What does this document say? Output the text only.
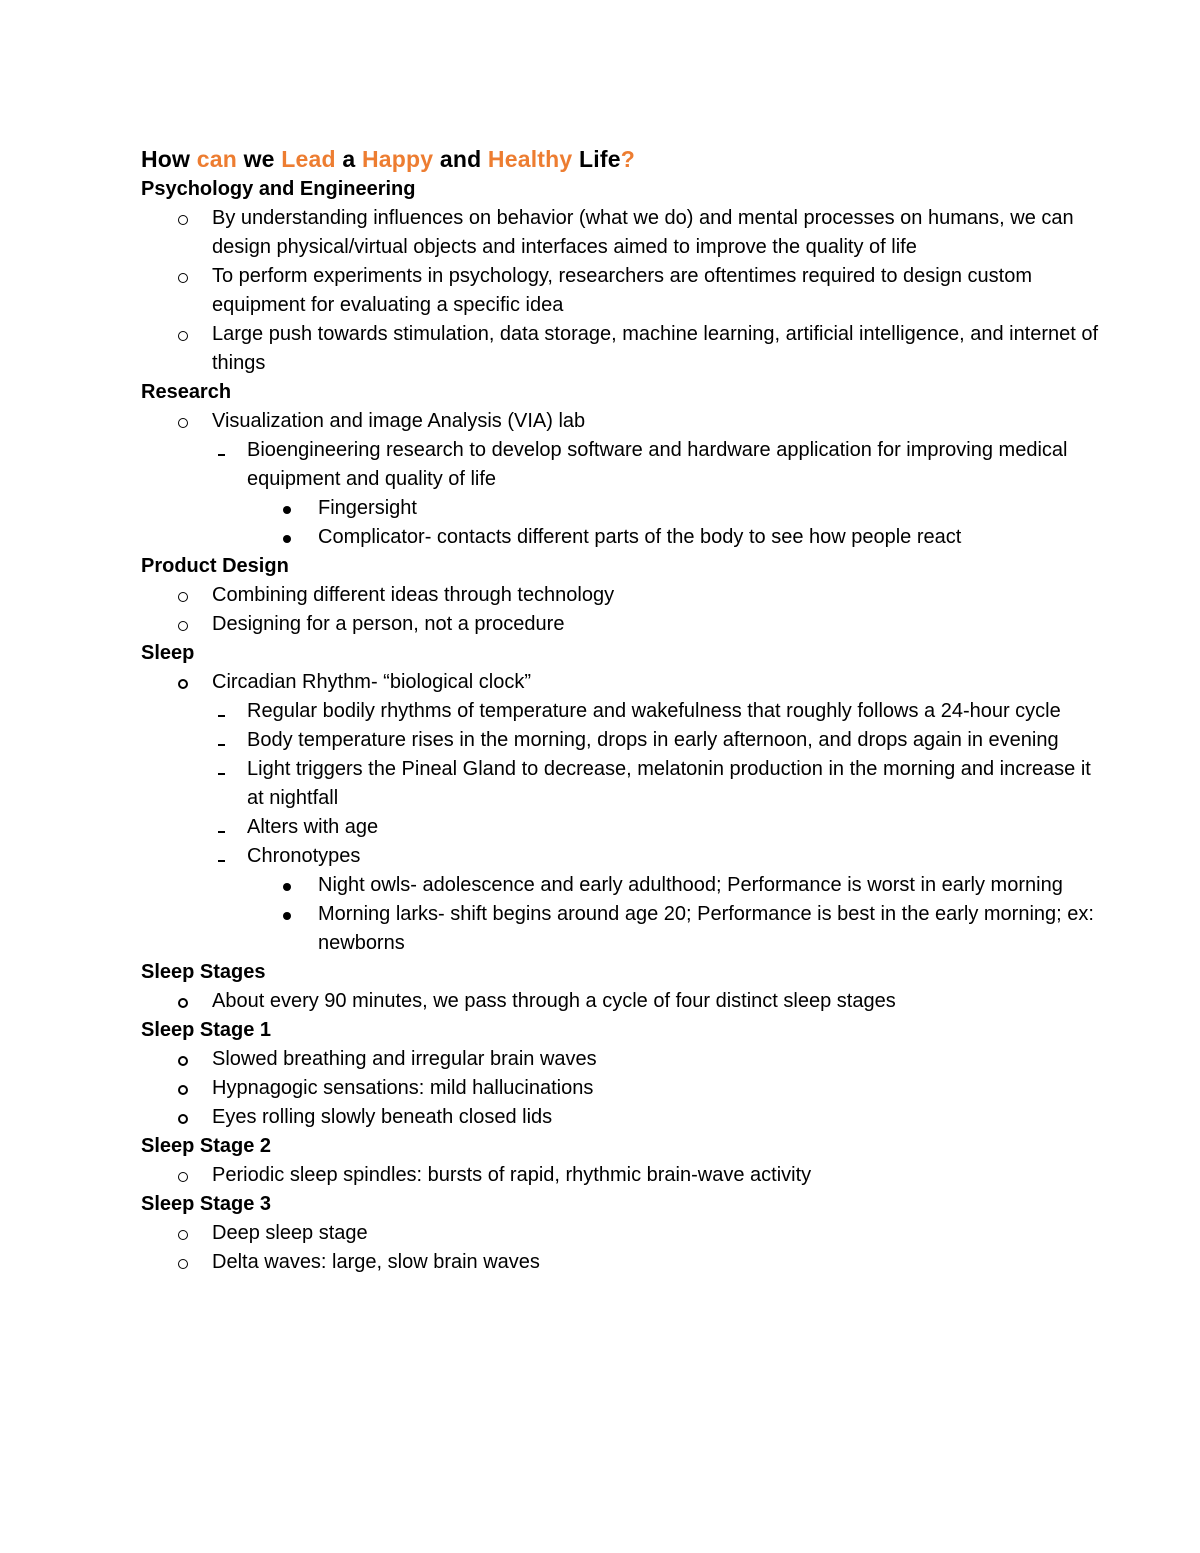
How can we Lead a Happy and Healthy Life?
Psychology and Engineering
By understanding influences on behavior (what we do) and mental processes on humans, we can design physical/virtual objects and interfaces aimed to improve the quality of life
To perform experiments in psychology, researchers are oftentimes required to design custom equipment for evaluating a specific idea
Large push towards stimulation, data storage, machine learning, artificial intelligence, and internet of things
Research
Visualization and image Analysis (VIA) lab
Bioengineering research to develop software and hardware application for improving medical equipment and quality of life
Fingersight
Complicator- contacts different parts of the body to see how people react
Product Design
Combining different ideas through technology
Designing for a person, not a procedure
Sleep
Circadian Rhythm- “biological clock”
Regular bodily rhythms of temperature and wakefulness that roughly follows a 24-hour cycle
Body temperature rises in the morning, drops in early afternoon, and drops again in evening
Light triggers the Pineal Gland to decrease, melatonin production in the morning and increase it at nightfall
Alters with age
Chronotypes
Night owls- adolescence and early adulthood; Performance is worst in early morning
Morning larks- shift begins around age 20; Performance is best in the early morning; ex: newborns
Sleep Stages
About every 90 minutes, we pass through a cycle of four distinct sleep stages
Sleep Stage 1
Slowed breathing and irregular brain waves
Hypnagogic sensations: mild hallucinations
Eyes rolling slowly beneath closed lids
Sleep Stage 2
Periodic sleep spindles: bursts of rapid, rhythmic brain-wave activity
Sleep Stage 3
Deep sleep stage
Delta waves: large, slow brain waves
